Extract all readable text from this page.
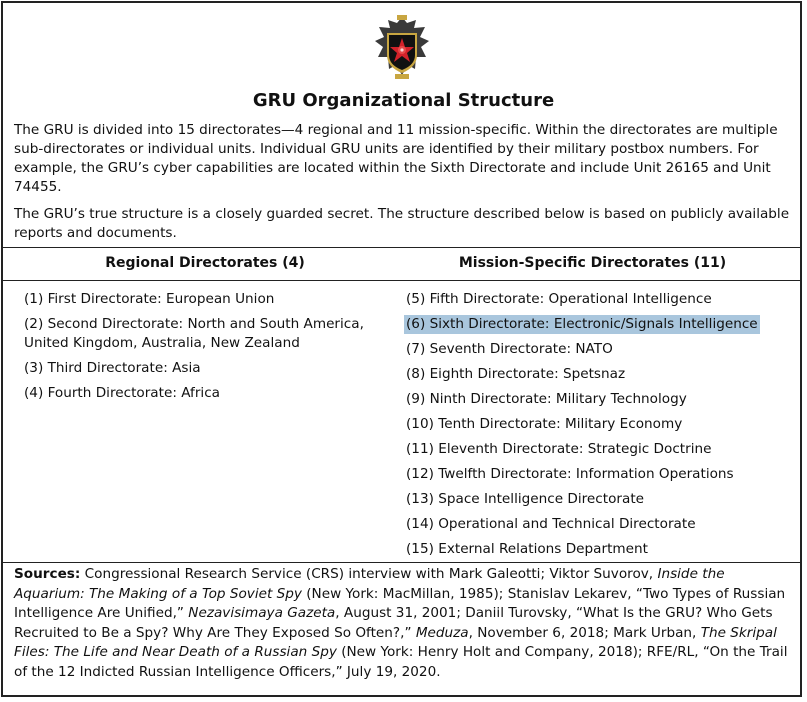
GRU Organizational Structure
The GRU is divided into 15 directorates—4 regional and 11 mission-specific. Within the directorates are multiple sub-directorates or individual units. Individual GRU units are identified by their military postbox numbers. For example, the GRU’s cyber capabilities are located within the Sixth Directorate and include Unit 26165 and Unit 74455.
The GRU’s true structure is a closely guarded secret. The structure described below is based on publicly available reports and documents.
Regional Directorates (4)	Mission-Specific Directorates (11)
(1) First Directorate: European Union
(2) Second Directorate: North and South America, United Kingdom, Australia, New Zealand
(3) Third Directorate: Asia
(4) Fourth Directorate: Africa
(5) Fifth Directorate: Operational Intelligence
(6) Sixth Directorate: Electronic/Signals Intelligence
(7) Seventh Directorate: NATO
(8) Eighth Directorate: Spetsnaz
(9) Ninth Directorate: Military Technology
(10) Tenth Directorate: Military Economy
(11) Eleventh Directorate: Strategic Doctrine
(12) Twelfth Directorate: Information Operations
(13) Space Intelligence Directorate
(14) Operational and Technical Directorate
(15) External Relations Department
Sources: Congressional Research Service (CRS) interview with Mark Galeotti; Viktor Suvorov, Inside the Aquarium: The Making of a Top Soviet Spy (New York: MacMillan, 1985); Stanislav Lekarev, “Two Types of Russian Intelligence Are Unified,” Nezavisimaya Gazeta, August 31, 2001; Daniil Turovsky, “What Is the GRU? Who Gets Recruited to Be a Spy? Why Are They Exposed So Often?,” Meduza, November 6, 2018; Mark Urban, The Skripal Files: The Life and Near Death of a Russian Spy (New York: Henry Holt and Company, 2018); RFE/RL, “On the Trail of the 12 Indicted Russian Intelligence Officers,” July 19, 2020.
